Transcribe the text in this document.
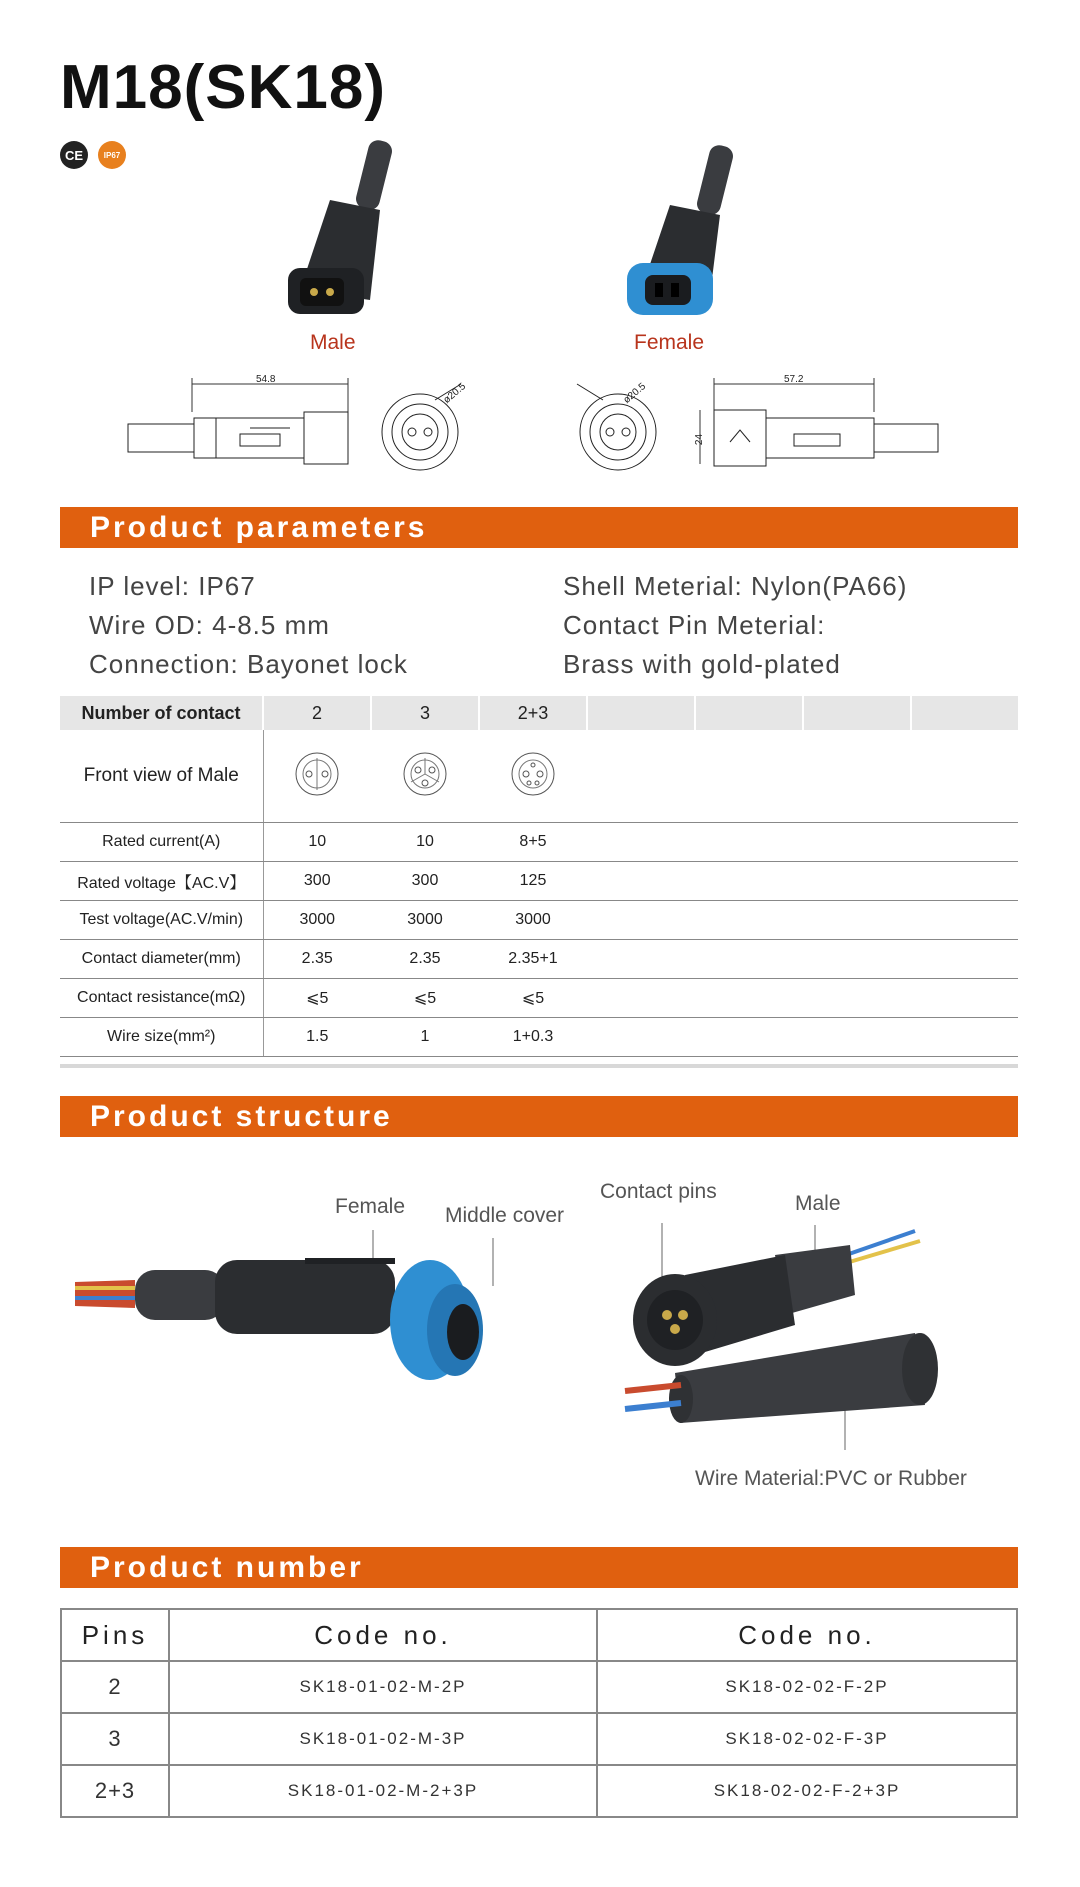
M18(SK18)
CE	IP67
Male	Female
54.8
ø20.5	ø20.5
57.2
24
Product parameters
IP level: IP67
Wire OD: 4-8.5 mm
Connection: Bayonet lock
Shell Meterial: Nylon(PA66)
Contact Pin Meterial:
Brass with gold-plated
Number of contact	2	3	2+3				
Front view of Male							
Rated current(A)	10	10	8+5				
Rated voltage【AC.V】	300	300	125				
Test voltage(AC.V/min)	3000	3000	3000				
Contact diameter(mm)	2.35	2.35	2.35+1				
Contact resistance(mΩ)	⩽5	⩽5	⩽5				
Wire size(mm²)	1.5	1	1+0.3				
Product structure
Female Middle cover
Contact pins
Male
Wire Material:PVC or Rubber
Product number
Pins	Code no.	Code no.
2	SK18-01-02-M-2P	SK18-02-02-F-2P
3	SK18-01-02-M-3P	SK18-02-02-F-3P
2+3	SK18-01-02-M-2+3P	SK18-02-02-F-2+3P
